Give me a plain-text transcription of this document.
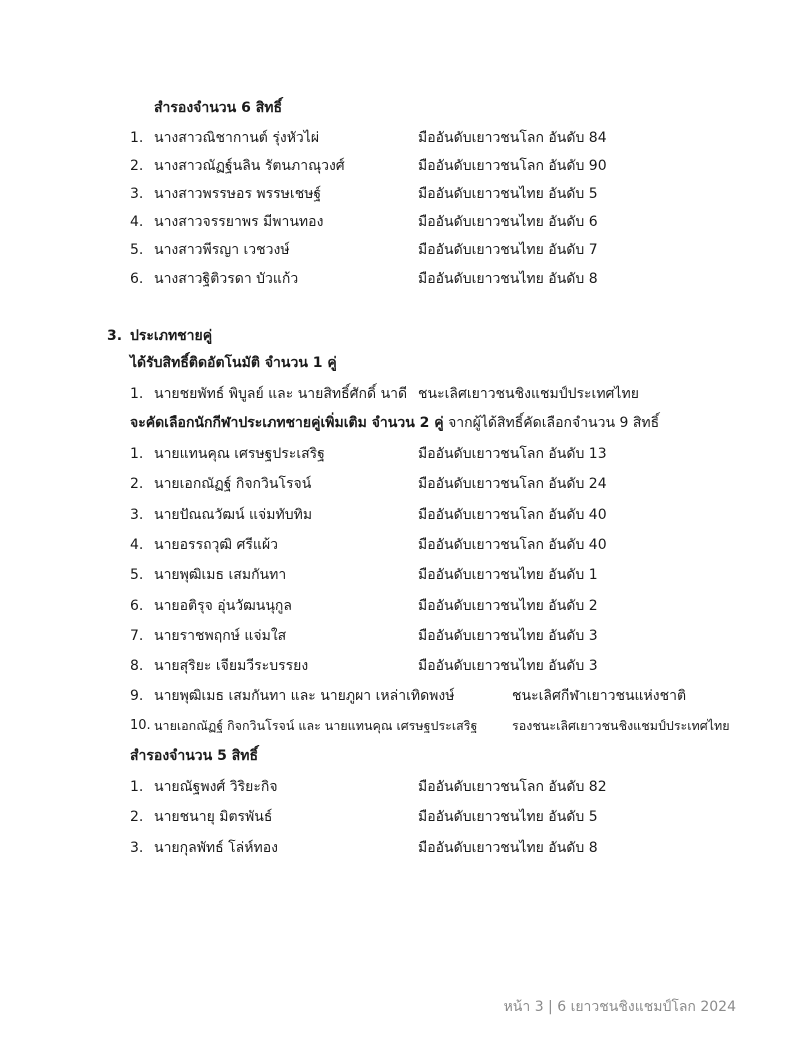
สำรองจำนวน 6 สิทธิ์
1. นางสาวณิชากานต์ รุ่งหัวไผ่	มืออันดับเยาวชนโลก อันดับ 84
2. นางสาวณัฏฐ์นลิน รัตนภาณุวงศ์	มืออันดับเยาวชนโลก อันดับ 90
3. นางสาวพรรษอร พรรษเชษฐ์	มืออันดับเยาวชนไทย อันดับ 5
4. นางสาวจรรยาพร มีพานทอง	มืออันดับเยาวชนไทย อันดับ 6
5. นางสาวพีรญา เวชวงษ์	มืออันดับเยาวชนไทย อันดับ 7
6. นางสาวฐิติวรดา บัวแก้ว	มืออันดับเยาวชนไทย อันดับ 8
3. ประเภทชายคู่
ได้รับสิทธิ์ติดอัตโนมัติ จำนวน 1 คู่
1. นายชยพัทธ์ พิบูลย์ และ นายสิทธิ์ศักดิ์ นาดี ชนะเลิศเยาวชนชิงแชมป์ประเทศไทย
จะคัดเลือกนักกีฬาประเภทชายคู่เพิ่มเติม จำนวน 2 คู่ จากผู้ได้สิทธิ์คัดเลือกจำนวน 9 สิทธิ์
1. นายแทนคุณ เศรษฐประเสริฐ	มืออันดับเยาวชนโลก อันดับ 13
2. นายเอกณัฏฐ์ กิจกวินโรจน์	มืออันดับเยาวชนโลก อันดับ 24
3. นายปัณณวัฒน์ แจ่มทับทิม	มืออันดับเยาวชนโลก อันดับ 40
4. นายอรรถวุฒิ ศรีแผ้ว	มืออันดับเยาวชนโลก อันดับ 40
5. นายพุฒิเมธ เสมกันทา	มืออันดับเยาวชนไทย อันดับ 1
6. นายอติรุจ อุ่นวัฒนนุกูล	มืออันดับเยาวชนไทย อันดับ 2
7. นายราชพฤกษ์ แจ่มใส	มืออันดับเยาวชนไทย อันดับ 3
8. นายสุริยะ เจียมวีระบรรยง	มืออันดับเยาวชนไทย อันดับ 3
9. นายพุฒิเมธ เสมกันทา และ นายภูผา เหล่าเทิดพงษ์	ชนะเลิศกีฬาเยาวชนแห่งชาติ
10. นายเอกณัฏฐ์ กิจกวินโรจน์ และ นายแทนคุณ เศรษฐประเสริฐ	รองชนะเลิศเยาวชนชิงแชมป์ประเทศไทย
สำรองจำนวน 5 สิทธิ์
1. นายณัฐพงศ์ วิริยะกิจ	มืออันดับเยาวชนโลก อันดับ 82
2. นายชนายุ มิตรพันธ์	มืออันดับเยาวชนไทย อันดับ 5
3. นายกุลพัทธ์ โล่ห์ทอง	มืออันดับเยาวชนไทย อันดับ 8
หน้า 3 | 6 เยาวชนชิงแชมป์โลก 2024
